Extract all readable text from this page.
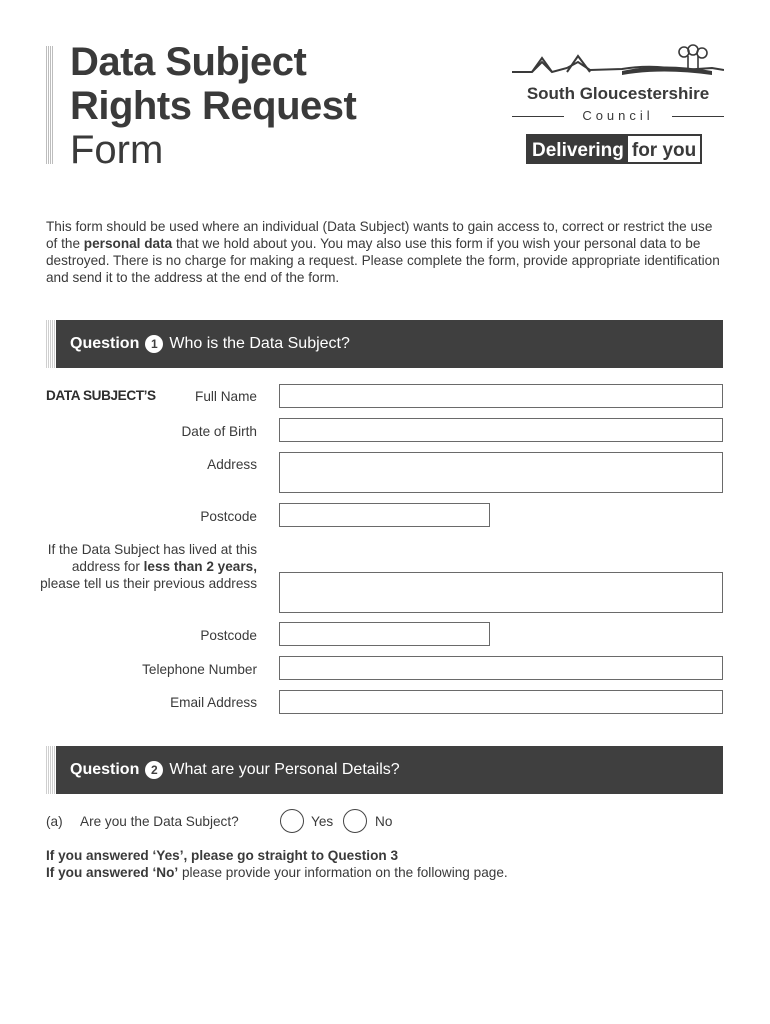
Data Subject
Rights Request
Form
South Gloucestershire
Council
Delivering for you

This form should be used where an individual (Data Subject) wants to gain access to, correct or restrict the use of the personal data that we hold about you. You may also use this form if you wish your personal data to be destroyed. There is no charge for making a request. Please complete the form, provide appropriate identification and send it to the address at the end of the form.

Question 1 Who is the Data Subject?
DATA SUBJECT’S	Full Name
Date of Birth
Address
Postcode
If the Data Subject has lived at this address for less than 2 years, please tell us their previous address
Postcode
Telephone Number
Email Address
Question 2 What are your Personal Details?
(a) Are you the Data Subject?	Yes	No
If you answered ‘Yes’, please go straight to Question 3
If you answered ‘No’ please provide your information on the following page.
